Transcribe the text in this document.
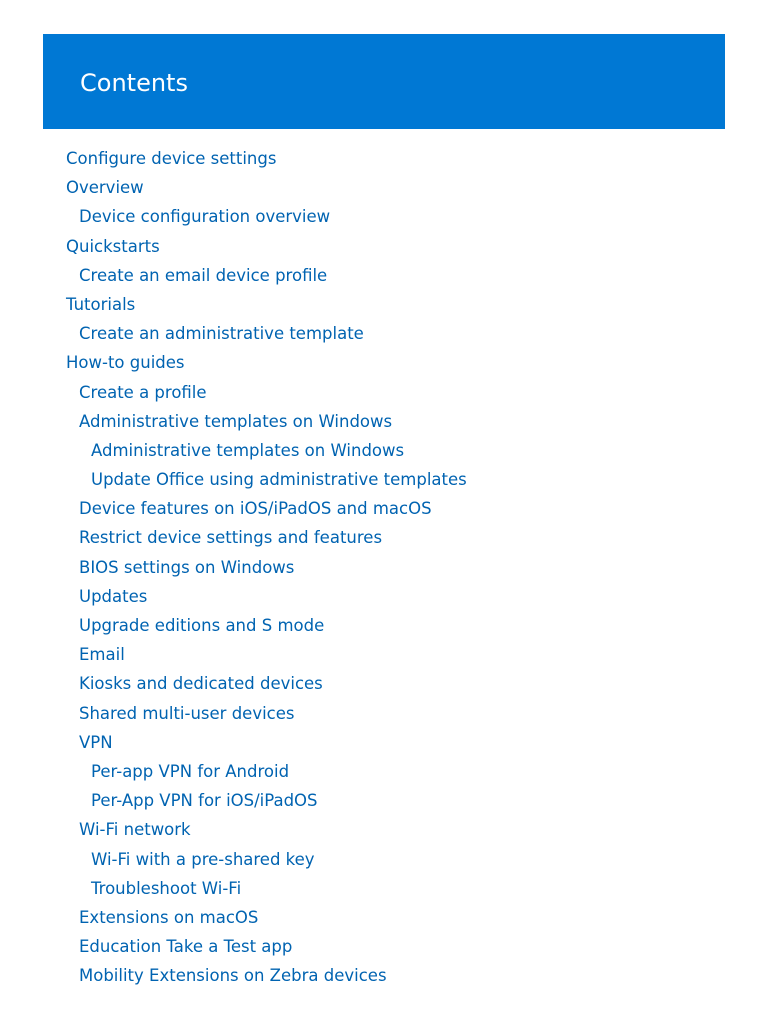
Contents
Configure device settings
Overview
Device configuration overview
Quickstarts
Create an email device profile
Tutorials
Create an administrative template
How-to guides
Create a profile
Administrative templates on Windows
Administrative templates on Windows
Update Office using administrative templates
Device features on iOS/iPadOS and macOS
Restrict device settings and features
BIOS settings on Windows
Updates
Upgrade editions and S mode
Email
Kiosks and dedicated devices
Shared multi-user devices
VPN
Per-app VPN for Android
Per-App VPN for iOS/iPadOS
Wi-Fi network
Wi-Fi with a pre-shared key
Troubleshoot Wi-Fi
Extensions on macOS
Education Take a Test app
Mobility Extensions on Zebra devices
